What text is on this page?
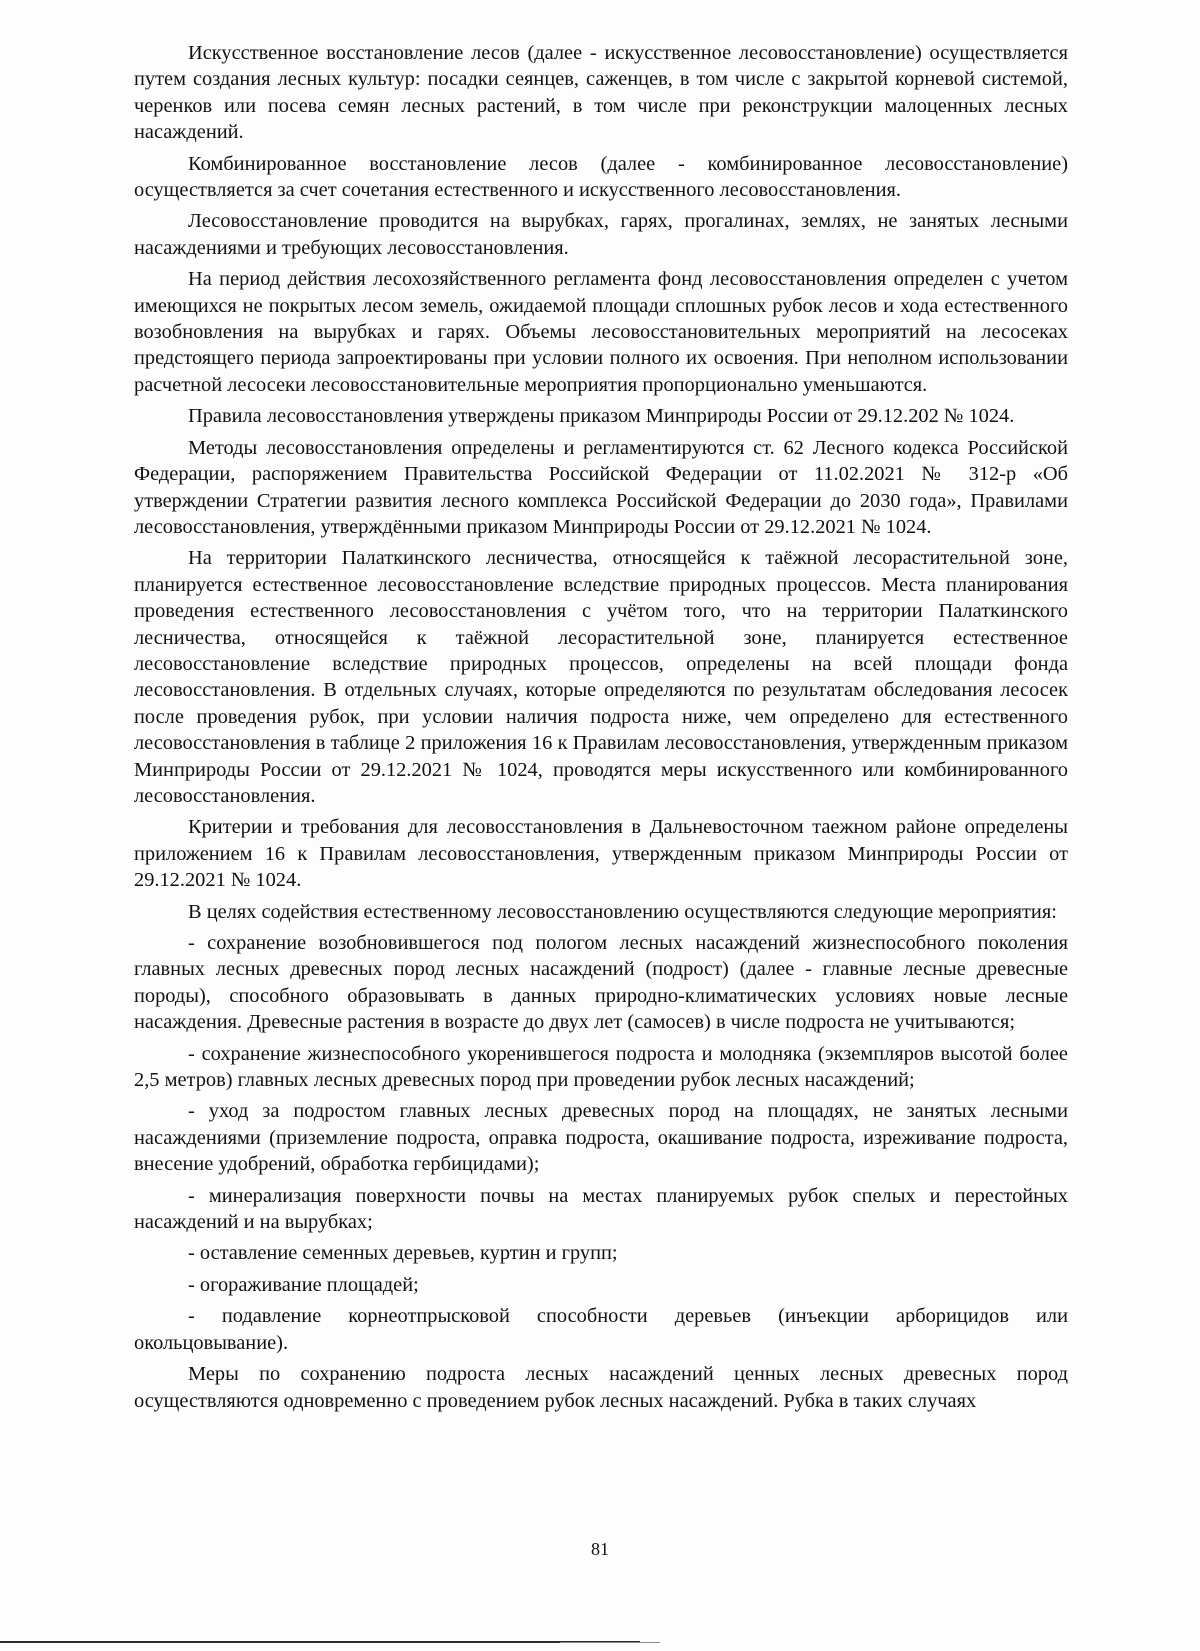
Искусственное восстановление лесов (далее - искусственное лесовосстановление) осуществляется путем создания лесных культур: посадки сеянцев, саженцев, в том числе с закрытой корневой системой, черенков или посева семян лесных растений, в том числе при реконструкции малоценных лесных насаждений.

Комбинированное восстановление лесов (далее - комбинированное лесовосстановление) осуществляется за счет сочетания естественного и искусственного лесовосстановления.

Лесовосстановление проводится на вырубках, гарях, прогалинах, землях, не занятых лесными насаждениями и требующих лесовосстановления.

На период действия лесохозяйственного регламента фонд лесовосстановления определен с учетом имеющихся не покрытых лесом земель, ожидаемой площади сплошных рубок лесов и хода естественного возобновления на вырубках и гарях. Объемы лесовосстановительных мероприятий на лесосеках предстоящего периода запроектированы при условии полного их освоения. При неполном использовании расчетной лесосеки лесовосстановительные мероприятия пропорционально уменьшаются.

Правила лесовосстановления утверждены приказом Минприроды России от 29.12.202 № 1024.

Методы лесовосстановления определены и регламентируются ст. 62 Лесного кодекса Российской Федерации, распоряжением Правительства Российской Федерации от 11.02.2021 № 312-р «Об утверждении Стратегии развития лесного комплекса Российской Федерации до 2030 года», Правилами лесовосстановления, утверждёнными приказом Минприроды России от 29.12.2021 № 1024.

На территории Палаткинского лесничества, относящейся к таёжной лесорастительной зоне, планируется естественное лесовосстановление вследствие природных процессов. Места планирования проведения естественного лесовосстановления с учётом того, что на территории Палаткинского лесничества, относящейся к таёжной лесорастительной зоне, планируется естественное лесовосстановление вследствие природных процессов, определены на всей площади фонда лесовосстановления. В отдельных случаях, которые определяются по результатам обследования лесосек после проведения рубок, при условии наличия подроста ниже, чем определено для естественного лесовосстановления в таблице 2 приложения 16 к Правилам лесовосстановления, утвержденным приказом Минприроды России от 29.12.2021 № 1024, проводятся меры искусственного или комбинированного лесовосстановления.

Критерии и требования для лесовосстановления в Дальневосточном таежном районе определены приложением 16 к Правилам лесовосстановления, утвержденным приказом Минприроды России от 29.12.2021 № 1024.

В целях содействия естественному лесовосстановлению осуществляются следующие мероприятия:

- сохранение возобновившегося под пологом лесных насаждений жизнеспособного поколения главных лесных древесных пород лесных насаждений (подрост) (далее - главные лесные древесные породы), способного образовывать в данных природно-климатических условиях новые лесные насаждения. Древесные растения в возрасте до двух лет (самосев) в числе подроста не учитываются;

- сохранение жизнеспособного укоренившегося подроста и молодняка (экземпляров высотой более 2,5 метров) главных лесных древесных пород при проведении рубок лесных насаждений;

- уход за подростом главных лесных древесных пород на площадях, не занятых лесными насаждениями (приземление подроста, оправка подроста, окашивание подроста, изреживание подроста, внесение удобрений, обработка гербицидами);

- минерализация поверхности почвы на местах планируемых рубок спелых и перестойных насаждений и на вырубках;

- оставление семенных деревьев, куртин и групп;

- огораживание площадей;

- подавление корнеотпрысковой способности деревьев (инъекции арборицидов или окольцовывание).

Меры по сохранению подроста лесных насаждений ценных лесных древесных пород осуществляются одновременно с проведением рубок лесных насаждений. Рубка в таких случаях

81
